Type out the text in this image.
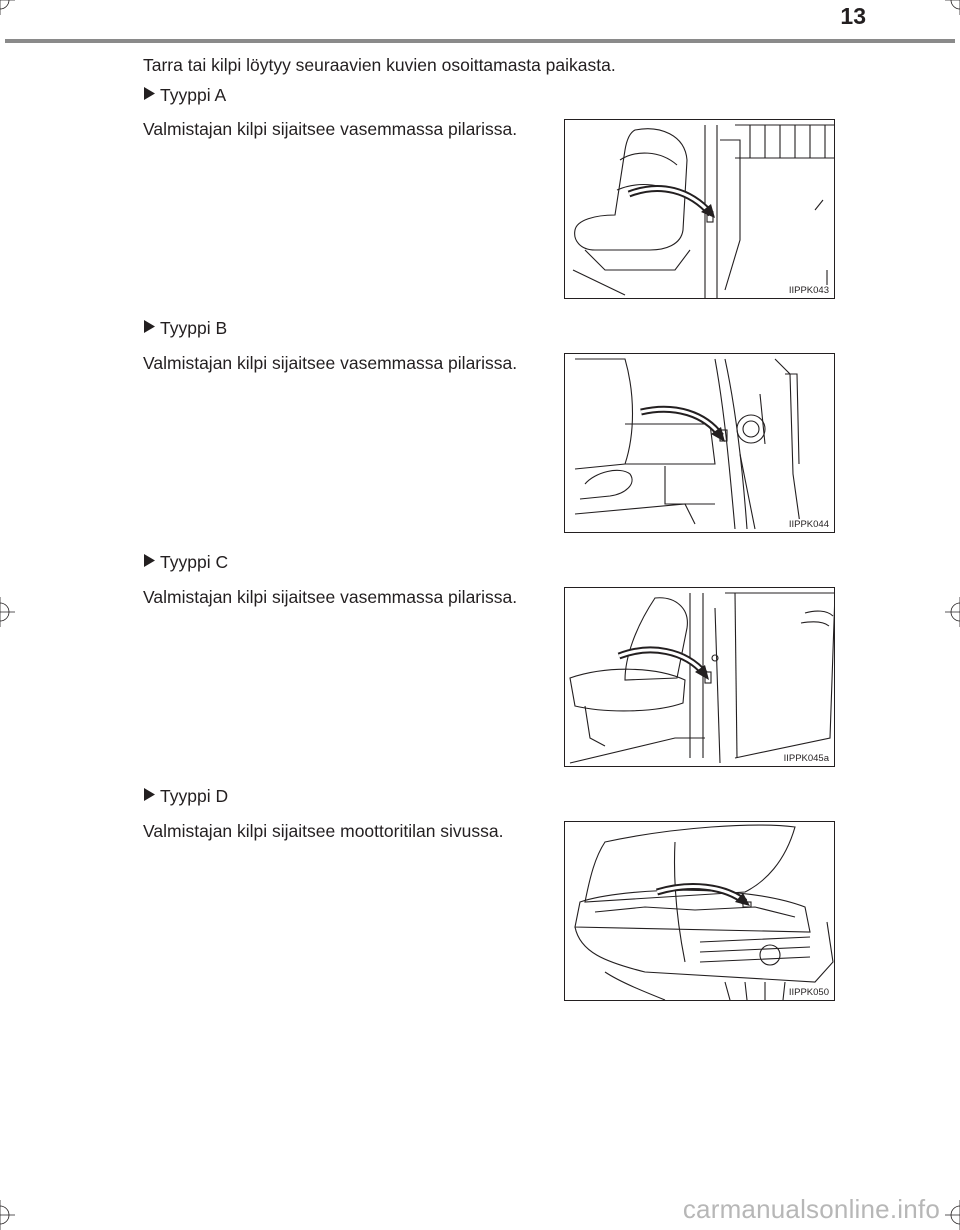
13
Tarra tai kilpi löytyy seuraavien kuvien osoittamasta paikasta.
Tyyppi A
Valmistajan kilpi sijaitsee vasemmassa pilarissa.
IIPPK043
Tyyppi B
Valmistajan kilpi sijaitsee vasemmassa pilarissa.
IIPPK044
Tyyppi C
Valmistajan kilpi sijaitsee vasemmassa pilarissa.
IIPPK045a
Tyyppi D
Valmistajan kilpi sijaitsee moottoritilan sivussa.
IIPPK050
carmanualsonline.info
